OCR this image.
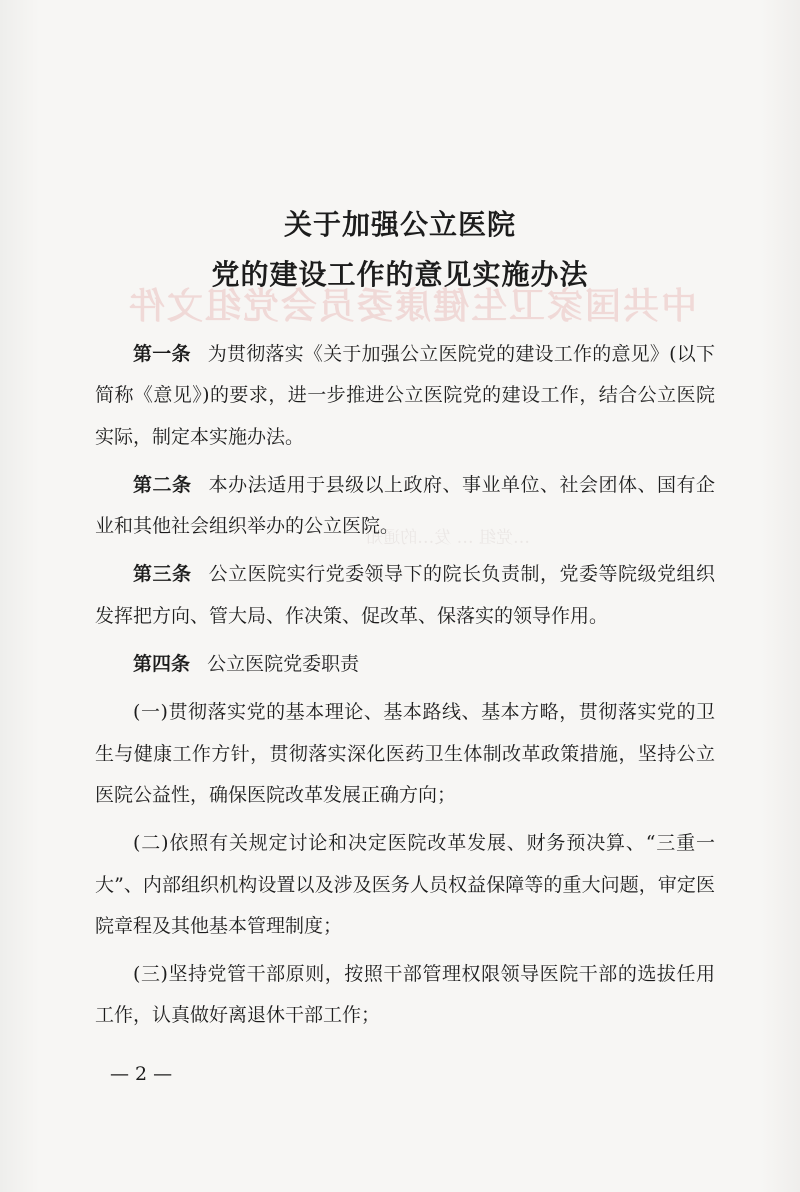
中共国家卫生健康委员会党组文件
…党组 … 发…的通知
关于加强公立医院
党的建设工作的意见实施办法

第一条 为贯彻落实《关于加强公立医院党的建设工作的意见》(以下简称《意见》)的要求，进一步推进公立医院党的建设工作，结合公立医院实际，制定本实施办法。

第二条 本办法适用于县级以上政府、事业单位、社会团体、国有企业和其他社会组织举办的公立医院。

第三条 公立医院实行党委领导下的院长负责制，党委等院级党组织发挥把方向、管大局、作决策、促改革、保落实的领导作用。

第四条 公立医院党委职责

(一)贯彻落实党的基本理论、基本路线、基本方略，贯彻落实党的卫生与健康工作方针，贯彻落实深化医药卫生体制改革政策措施，坚持公立医院公益性，确保医院改革发展正确方向；

(二)依照有关规定讨论和决定医院改革发展、财务预决算、“三重一大”、内部组织机构设置以及涉及医务人员权益保障等的重大问题，审定医院章程及其他基本管理制度；

(三)坚持党管干部原则，按照干部管理权限领导医院干部的选拔任用工作，认真做好离退休干部工作；

— 2 —
